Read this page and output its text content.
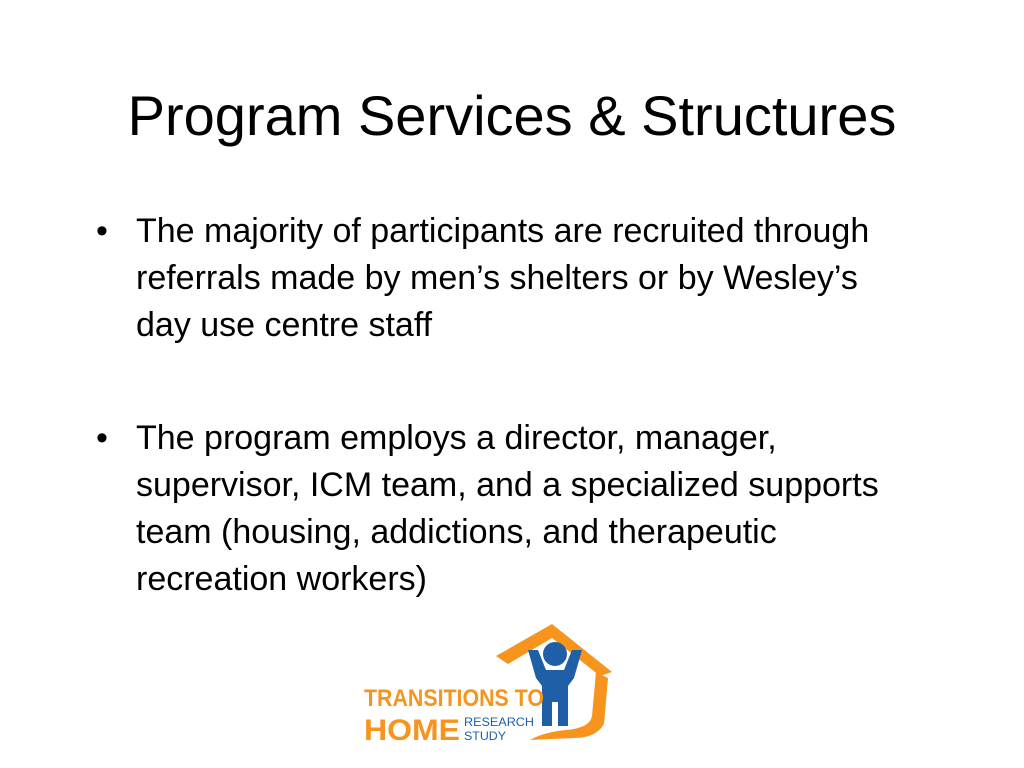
Program Services & Structures
• The majority of participants are recruited through referrals made by men’s shelters or by Wesley’s day use centre staff
• The program employs a director, manager, supervisor, ICM team, and a specialized supports team (housing, addictions, and therapeutic recreation workers)
TRANSITIONS TO
HOME RESEARCH
STUDY
